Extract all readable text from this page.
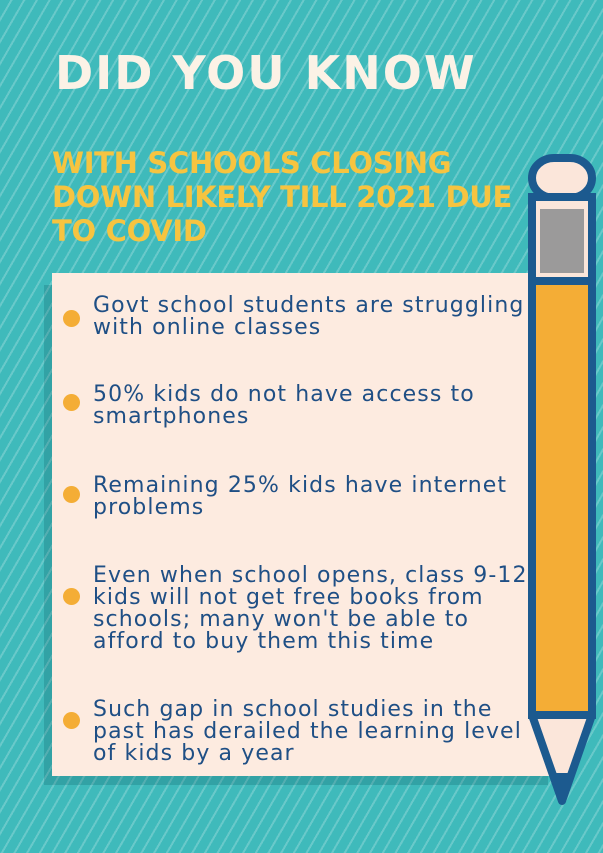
DID YOU KNOW
WITH SCHOOLS CLOSING DOWN LIKELY TILL 2021 DUE TO COVID

Govt school students are struggling with online classes

50% kids do not have access to smartphones

Remaining 25% kids have internet problems

Even when school opens, class 9-12 kids will not get free books from schools; many won't be able to afford to buy them this time

Such gap in school studies in the past has derailed the learning level of kids by a year
